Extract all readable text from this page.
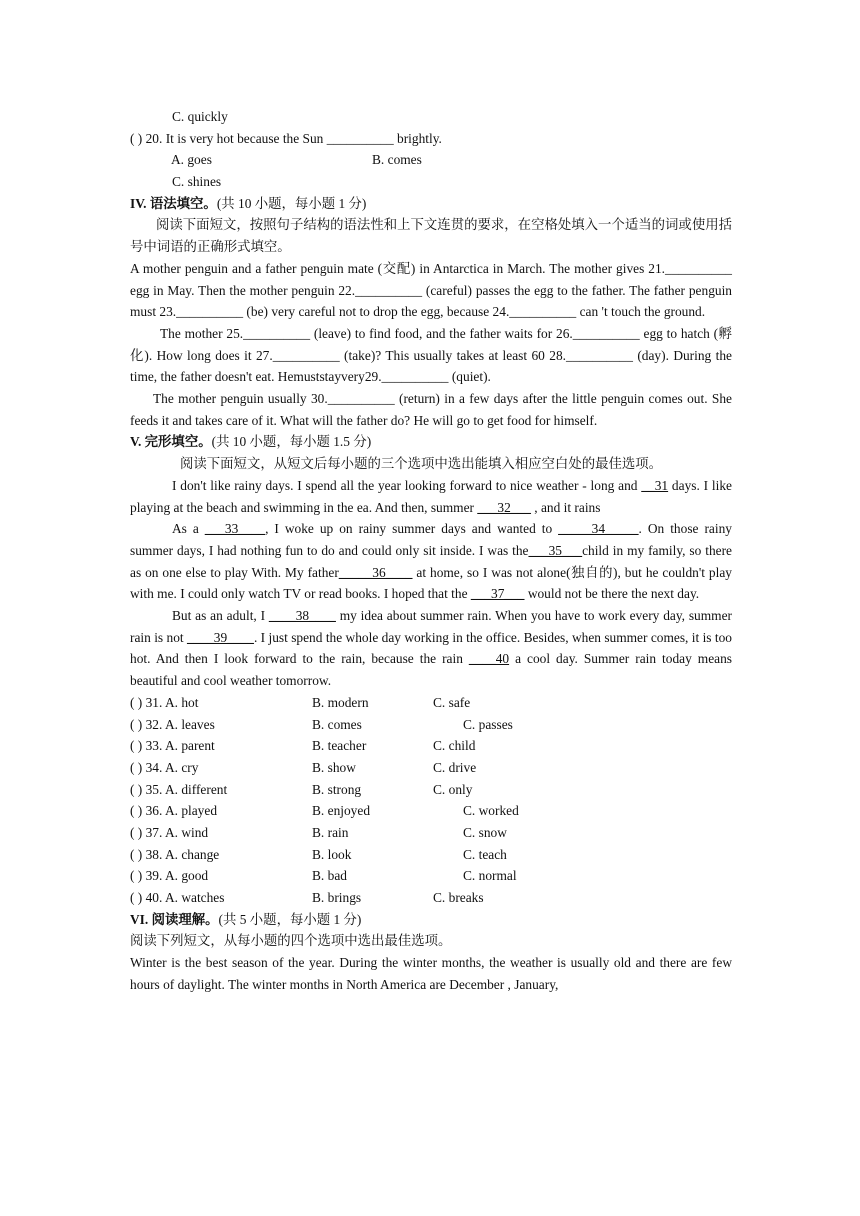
C. quickly
( ) 20. It is very hot because the Sun __________ brightly.
A. goes	B. comes
C. shines
IV. 语法填空。(共 10 小题，每小题 1 分)

阅读下面短文，按照句子结构的语法性和上下文连贯的要求，在空格处填入一个适当的词或使用括号中词语的正确形式填空。

A mother penguin and a father penguin mate (交配) in Antarctica in March. The mother gives 21.__________ egg in May. Then the mother penguin 22.__________ (careful) passes the egg to the father. The father penguin must 23.__________ (be) very careful not to drop the egg, because 24.__________ can 't touch the ground.

The mother 25.__________ (leave) to find food, and the father waits for 26.__________ egg to hatch (孵化). How long does it 27.__________ (take)? This usually takes at least 60 28.__________ (day). During the time, the father doesn't eat. Hemuststayvery29.__________ (quiet).

The mother penguin usually 30.__________ (return) in a few days after the little penguin comes out. She feeds it and takes care of it. What will the father do? He will go to get food for himself.

V. 完形填空。(共 10 小题，每小题 1.5 分)

阅读下面短文，从短文后每小题的三个选项中选出能填入相应空白处的最佳选项。

I don't like rainy days. I spend all the year looking forward to nice weather - long and __31 days. I like playing at the beach and swimming in the ea. And then, summer ___32___ , and it rains

As a ___33____, I woke up on rainy summer days and wanted to _____34_____. On those rainy summer days, I had nothing fun to do and could only sit inside. I was the___35___child in my family, so there as on one else to play With. My father_____36____ at home, so I was not alone(独自的), but he couldn't play with me. I could only watch TV or read books. I hoped that the ___37___ would not be there the next day.

But as an adult, I ____38____ my idea about summer rain. When you have to work every day, summer rain is not ____39____. I just spend the whole day working in the office. Besides, when summer comes, it is too hot. And then I look forward to the rain, because the rain ____40 a cool day. Summer rain today means beautiful and cool weather tomorrow.

( ) 31. A. hot	B. modern	C. safe
( ) 32. A. leaves	B. comes	C. passes
( ) 33. A. parent	B. teacher	C. child
( ) 34. A. cry	B. show	C. drive
( ) 35. A. different	B. strong	C. only
( ) 36. A. played	B. enjoyed	C. worked
( ) 37. A. wind	B. rain	C. snow
( ) 38. A. change	B. look	C. teach
( ) 39. A. good	B. bad	C. normal
( ) 40. A. watches	B. brings	C. breaks
VI. 阅读理解。(共 5 小题，每小题 1 分)

阅读下列短文，从每小题的四个选项中选出最佳选项。

Winter is the best season of the year. During the winter months, the weather is usually old and there are few hours of daylight. The winter months in North America are December , January,
